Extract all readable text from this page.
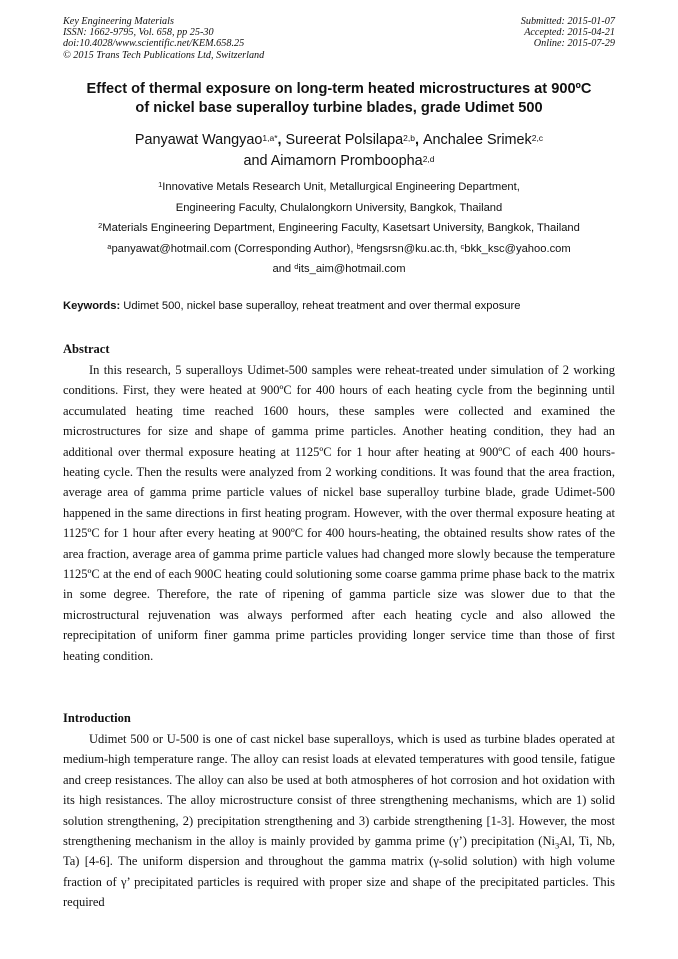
Key Engineering Materials
ISSN: 1662-9795, Vol. 658, pp 25-30
doi:10.4028/www.scientific.net/KEM.658.25
© 2015 Trans Tech Publications Ltd, Switzerland
Submitted: 2015-01-07
Accepted: 2015-04-21
Online: 2015-07-29
Effect of thermal exposure on long-term heated microstructures at 900ºC
of nickel base superalloy turbine blades, grade Udimet 500
Panyawat Wangyao$^{1,a*}$, Sureerat Polsilapa$^{2,b}$, Anchalee Srimek$^{2,c}$
and Aimamorn Promboopha$^{2,d}$
$^1$Innovative Metals Research Unit, Metallurgical Engineering Department,
Engineering Faculty, Chulalongkorn University, Bangkok, Thailand
$^2$Materials Engineering Department, Engineering Faculty, Kasetsart University, Bangkok, Thailand
$^a$panyawat@hotmail.com (Corresponding Author), $^b$fengsrsn@ku.ac.th, $^c$bkk_ksc@yahoo.com
and $^d$its_aim@hotmail.com
Keywords: Udimet 500, nickel base superalloy, reheat treatment and over thermal exposure
Abstract

In this research, 5 superalloys Udimet-500 samples were reheat-treated under simulation of 2 working conditions. First, they were heated at 900ºC for 400 hours of each heating cycle from the beginning until accumulated heating time reached 1600 hours, these samples were collected and examined the microstructures for size and shape of gamma prime particles. Another heating condition, they had an additional over thermal exposure heating at 1125ºC for 1 hour after heating at 900ºC of each 400 hours-heating cycle. Then the results were analyzed from 2 working conditions. It was found that the area fraction, average area of gamma prime particle values of nickel base superalloy turbine blade, grade Udimet-500 happened in the same directions in first heating program. However, with the over thermal exposure heating at 1125ºC for 1 hour after every heating at 900ºC for 400 hours-heating, the obtained results show rates of the area fraction, average area of gamma prime particle values had changed more slowly because the temperature 1125ºC at the end of each 900C heating could solutioning some coarse gamma prime phase back to the matrix in some degree. Therefore, the rate of ripening of gamma particle size was slower due to that the microstructural rejuvenation was always performed after each heating cycle and also allowed the reprecipitation of uniform finer gamma prime particles providing longer service time than those of first heating condition.

Introduction

Udimet 500 or U-500 is one of cast nickel base superalloys, which is used as turbine blades operated at medium-high temperature range. The alloy can resist loads at elevated temperatures with good tensile, fatigue and creep resistances. The alloy can also be used at both atmospheres of hot corrosion and hot oxidation with its high resistances. The alloy microstructure consist of three strengthening mechanisms, which are 1) solid solution strengthening, 2) precipitation strengthening and 3) carbide strengthening [1-3]. However, the most strengthening mechanism in the alloy is mainly provided by gamma prime (γ’) precipitation ($Ni_3Al$, Ti, Nb, Ta) [4-6]. The uniform dispersion and throughout the gamma matrix (γ-solid solution) with high volume fraction of γ’ precipitated particles is required with proper size and shape of the precipitated particles. This required
